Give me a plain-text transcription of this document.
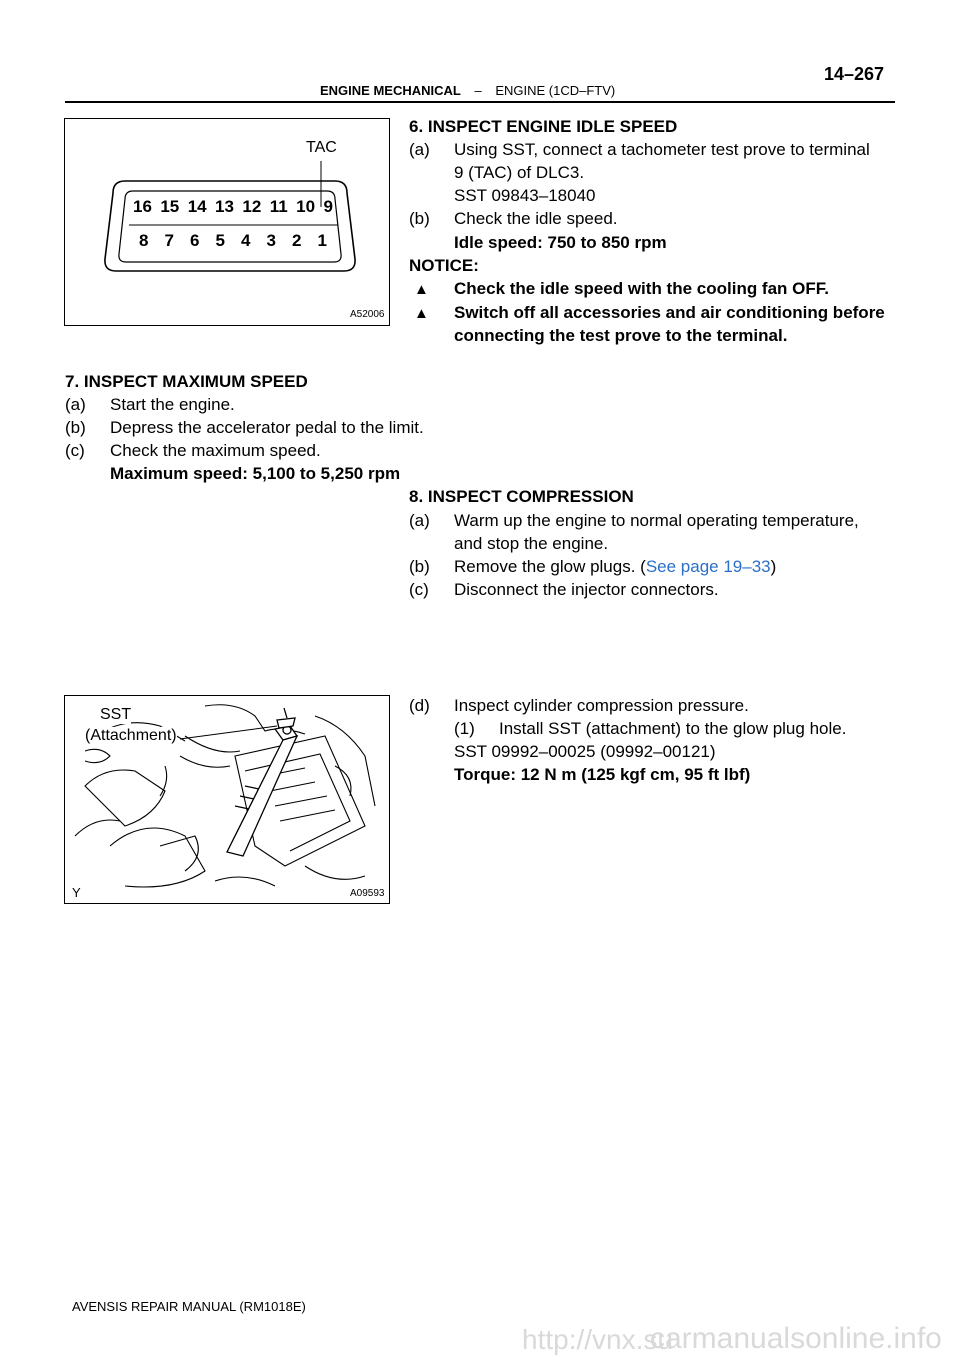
14–267
ENGINE MECHANICAL – ENGINE (1CD–FTV)
TAC
16 15 14 13 12 11 10 9
8 7 6 5 4 3 2 1
A52006
6. INSPECT ENGINE IDLE SPEED
(a) Using SST, connect a tachometer test prove to terminal
9 (TAC) of DLC3.
SST 09843–18040
(b) Check the idle speed.
Idle speed: 750 to 850 rpm
NOTICE:
▲ Check the idle speed with the cooling fan OFF.
▲ Switch off all accessories and air conditioning before
connecting the test prove to the terminal.
7. INSPECT MAXIMUM SPEED
(a) Start the engine.
(b) Depress the accelerator pedal to the limit.
(c) Check the maximum speed.
Maximum speed: 5,100 to 5,250 rpm
8. INSPECT COMPRESSION
(a) Warm up the engine to normal operating temperature,
and stop the engine.
(b) Remove the glow plugs. (See page 19–33)
(c) Disconnect the injector connectors.
SST
(Attachment)
Y	A09593
(d) Inspect cylinder compression pressure.
(1) Install SST (attachment) to the glow plug hole.
SST 09992–00025 (09992–00121)
Torque: 12 N m (125 kgf cm, 95 ft lbf)
AVENSIS REPAIR MANUAL (RM1018E)
http://vnx.su
carmanualsonline.info
